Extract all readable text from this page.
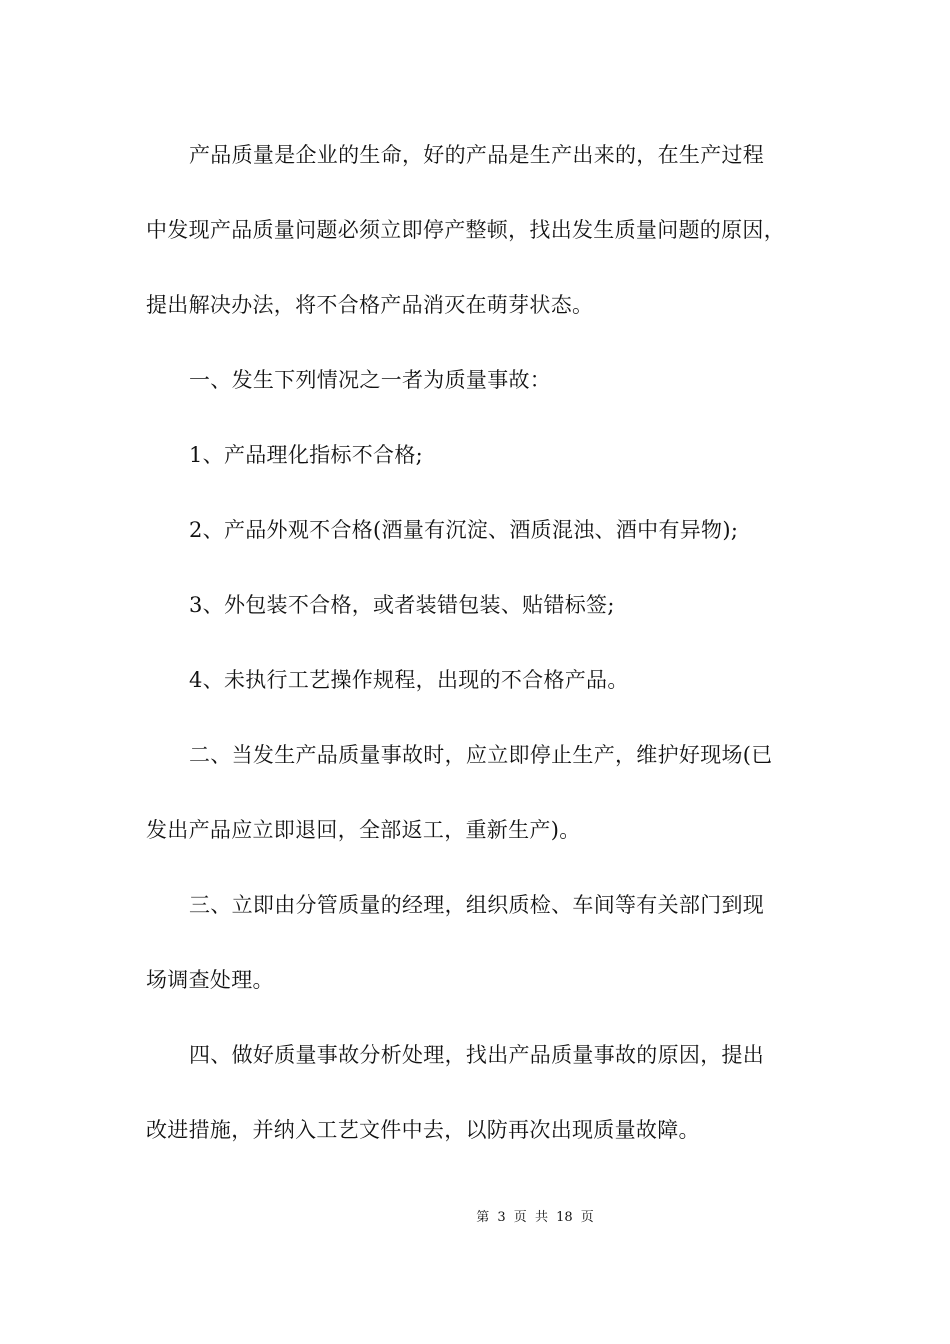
产品质量是企业的生命，好的产品是生产出来的，在生产过程
中发现产品质量问题必须立即停产整顿，找出发生质量问题的原因，
提出解决办法，将不合格产品消灭在萌芽状态。
一、发生下列情况之一者为质量事故：
1、产品理化指标不合格;
2、产品外观不合格(酒量有沉淀、酒质混浊、酒中有异物);
3、外包装不合格，或者装错包装、贴错标签;
4、未执行工艺操作规程，出现的不合格产品。
二、当发生产品质量事故时，应立即停止生产，维护好现场(已
发出产品应立即退回，全部返工，重新生产)。
三、立即由分管质量的经理，组织质检、车间等有关部门到现
场调查处理。
四、做好质量事故分析处理，找出产品质量事故的原因，提出
改进措施，并纳入工艺文件中去，以防再次出现质量故障。
第 3 页 共 18 页
